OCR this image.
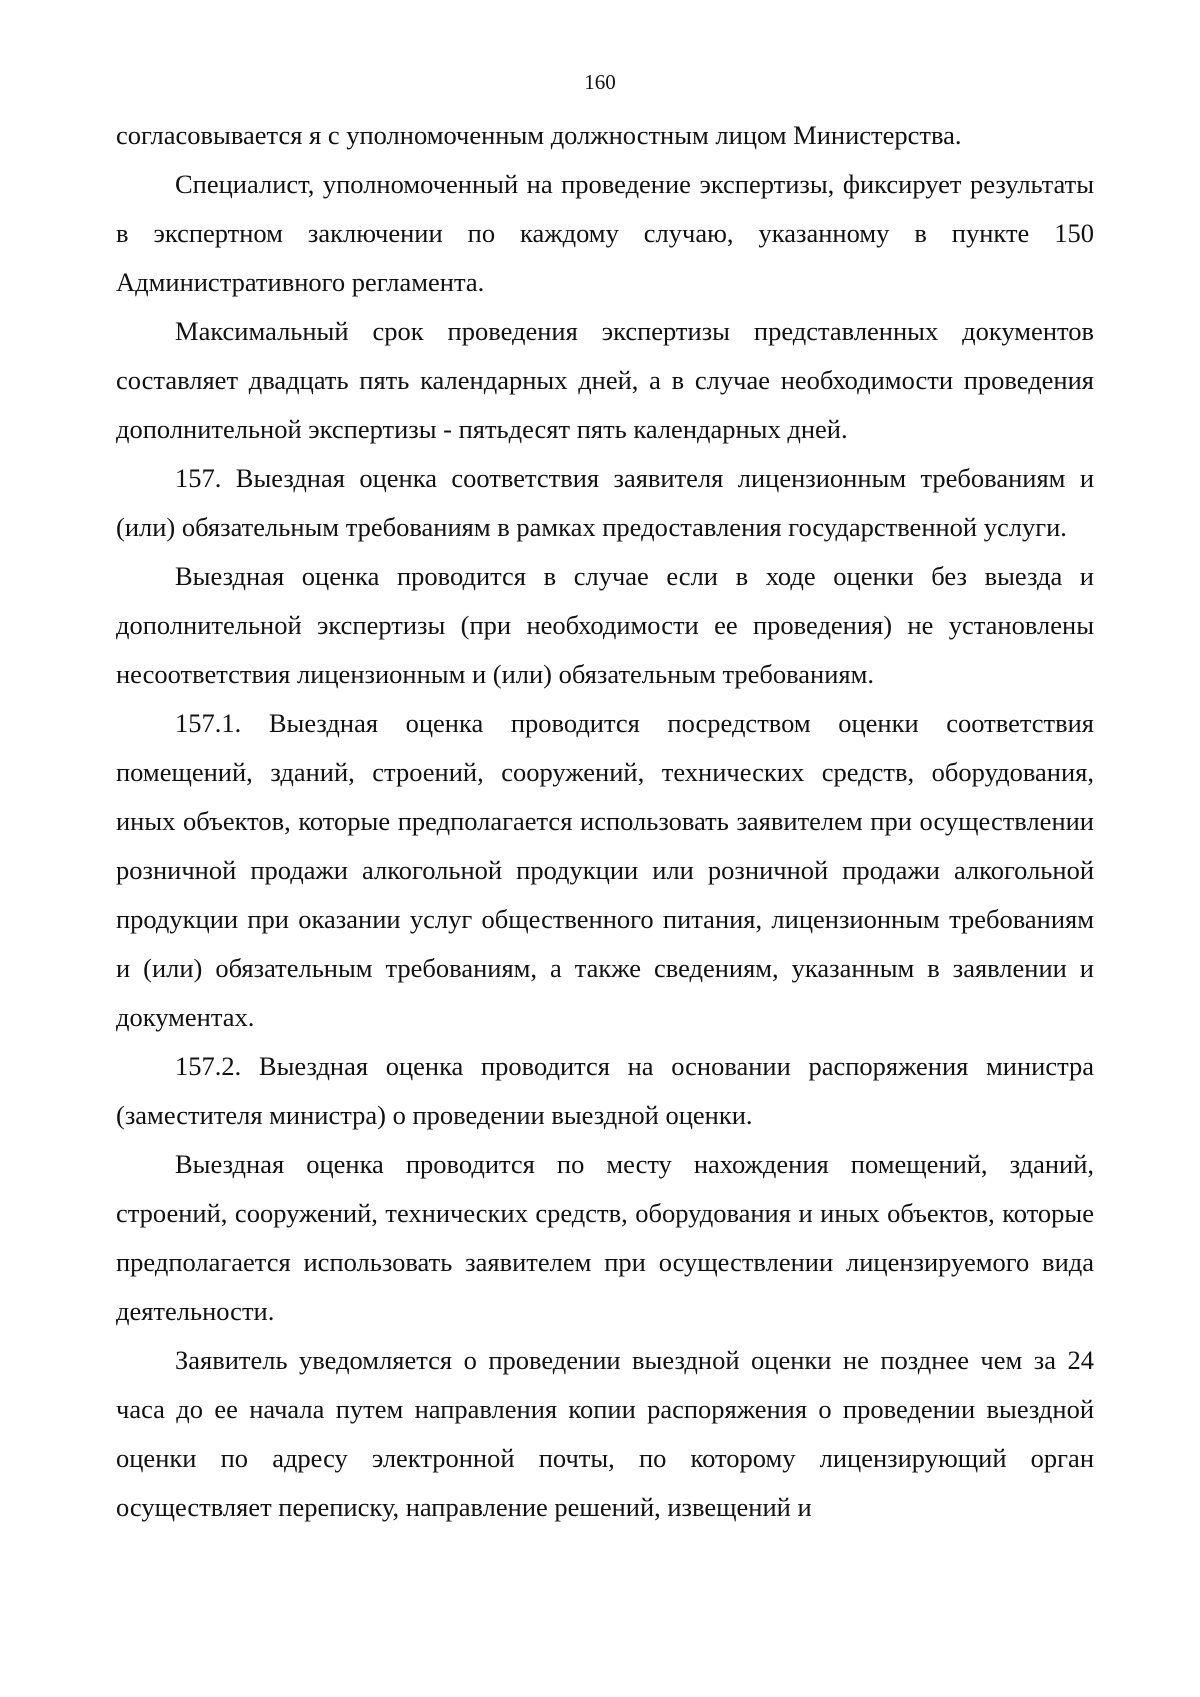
160

согласовывается я с уполномоченным должностным лицом Министерства.

Специалист, уполномоченный на проведение экспертизы, фиксирует результаты в экспертном заключении по каждому случаю, указанному в пункте 150 Административного регламента.

Максимальный срок проведения экспертизы представленных документов составляет двадцать пять календарных дней, а в случае необходимости проведения дополнительной экспертизы - пятьдесят пять календарных дней.

157. Выездная оценка соответствия заявителя лицензионным требованиям и (или) обязательным требованиям в рамках предоставления государственной услуги.

Выездная оценка проводится в случае если в ходе оценки без выезда и дополнительной экспертизы (при необходимости ее проведения) не установлены несоответствия лицензионным и (или) обязательным требованиям.

157.1. Выездная оценка проводится посредством оценки соответствия помещений, зданий, строений, сооружений, технических средств, оборудования, иных объектов, которые предполагается использовать заявителем при осуществлении розничной продажи алкогольной продукции или розничной продажи алкогольной продукции при оказании услуг общественного питания, лицензионным требованиям и (или) обязательным требованиям, а также сведениям, указанным в заявлении и документах.

157.2. Выездная оценка проводится на основании распоряжения министра (заместителя министра) о проведении выездной оценки.

Выездная оценка проводится по месту нахождения помещений, зданий, строений, сооружений, технических средств, оборудования и иных объектов, которые предполагается использовать заявителем при осуществлении лицензируемого вида деятельности.

Заявитель уведомляется о проведении выездной оценки не позднее чем за 24 часа до ее начала путем направления копии распоряжения о проведении выездной оценки по адресу электронной почты, по которому лицензирующий орган осуществляет переписку, направление решений, извещений и
